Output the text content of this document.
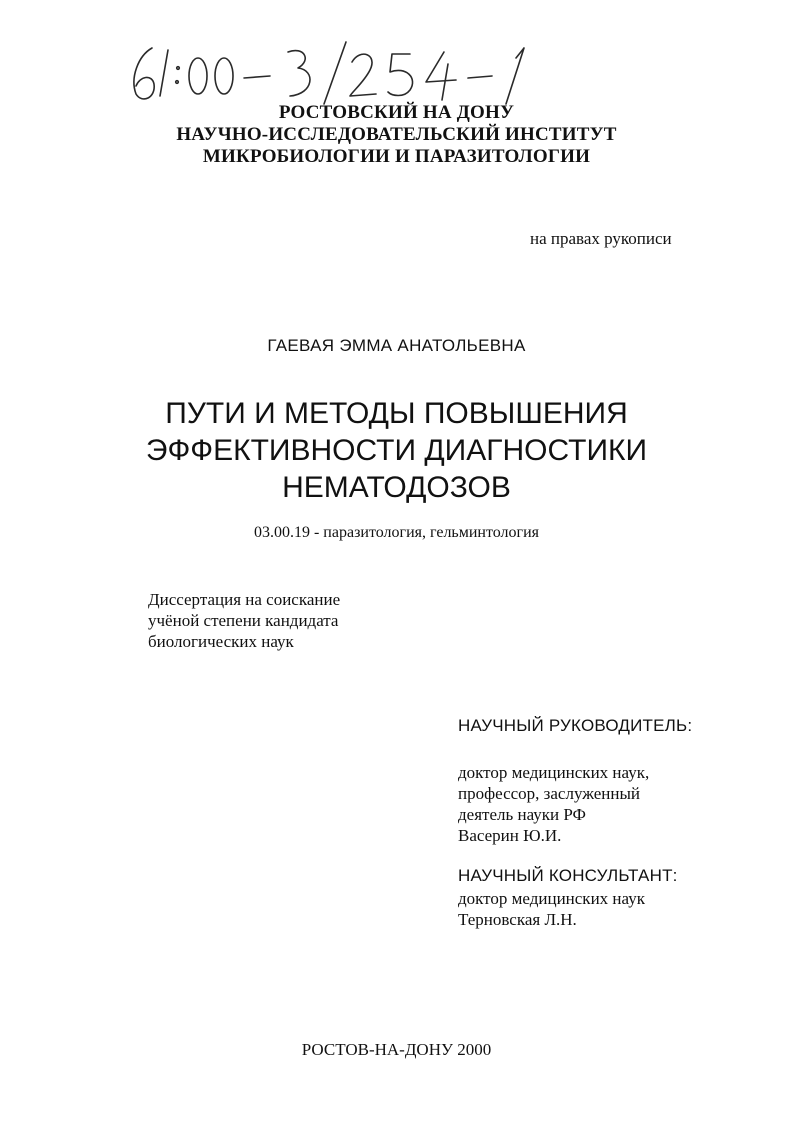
РОСТОВСКИЙ НА ДОНУ
НАУЧНО-ИССЛЕДОВАТЕЛЬСКИЙ ИНСТИТУТ
МИКРОБИОЛОГИИ И ПАРАЗИТОЛОГИИ
на правах рукописи
ГАЕВАЯ ЭММА АНАТОЛЬЕВНА
ПУТИ И МЕТОДЫ ПОВЫШЕНИЯ
ЭФФЕКТИВНОСТИ ДИАГНОСТИКИ
НЕМАТОДОЗОВ
03.00.19 - паразитология, гельминтология
Диссертация на соискание
учёной степени кандидата
биологических наук
НАУЧНЫЙ РУКОВОДИТЕЛЬ:
доктор медицинских наук,
профессор, заслуженный
деятель науки РФ
Васерин Ю.И.
НАУЧНЫЙ КОНСУЛЬТАНТ:
доктор медицинских наук
Терновская Л.Н.
РОСТОВ-НА-ДОНУ 2000
